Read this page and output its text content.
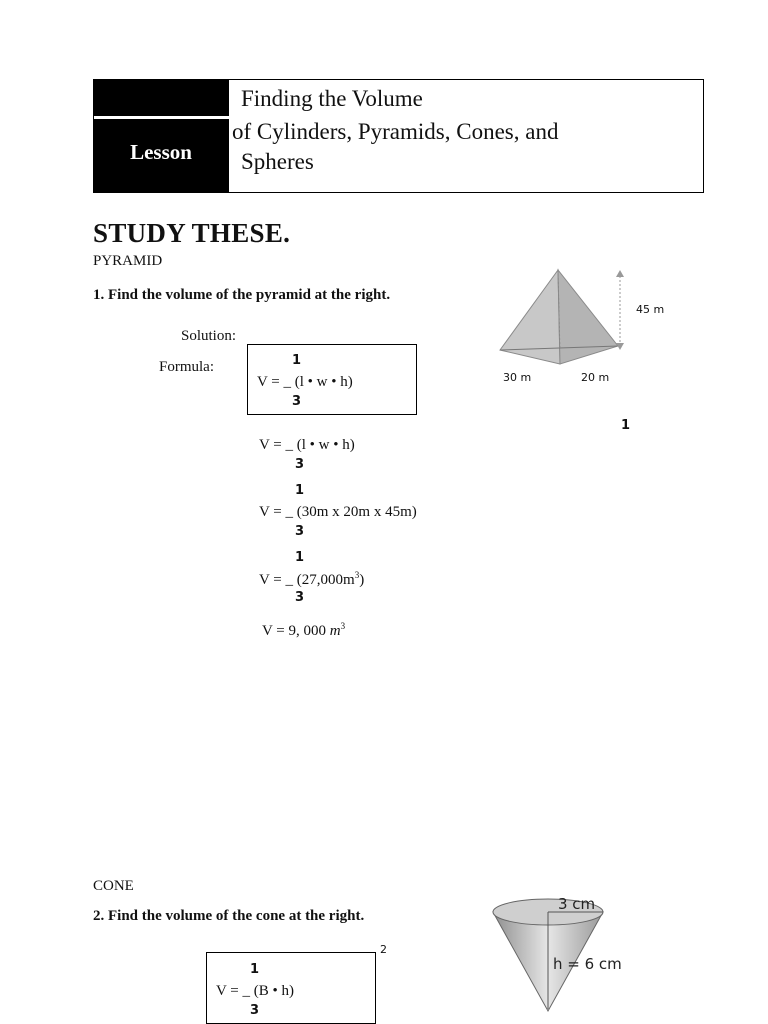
Lesson
Finding the Volume
of Cylinders, Pyramids, Cones, and
Spheres
STUDY THESE.
PYRAMID
1. Find the volume of the pyramid at the right.
Solution:
Formula:	1
V = _ (l • w • h)
3
V = _ (l • w • h)
3
1
V = _ (30m x 20m x 45m)
3
1
V = _ $(27,000m^3)$
3
V = 9, 000 $m^3$
45 m
30 m	20 m
1
CONE
2. Find the volume of the cone at the right.
1
V = _ (B • h)
3
2
3 cm
h = 6 cm
